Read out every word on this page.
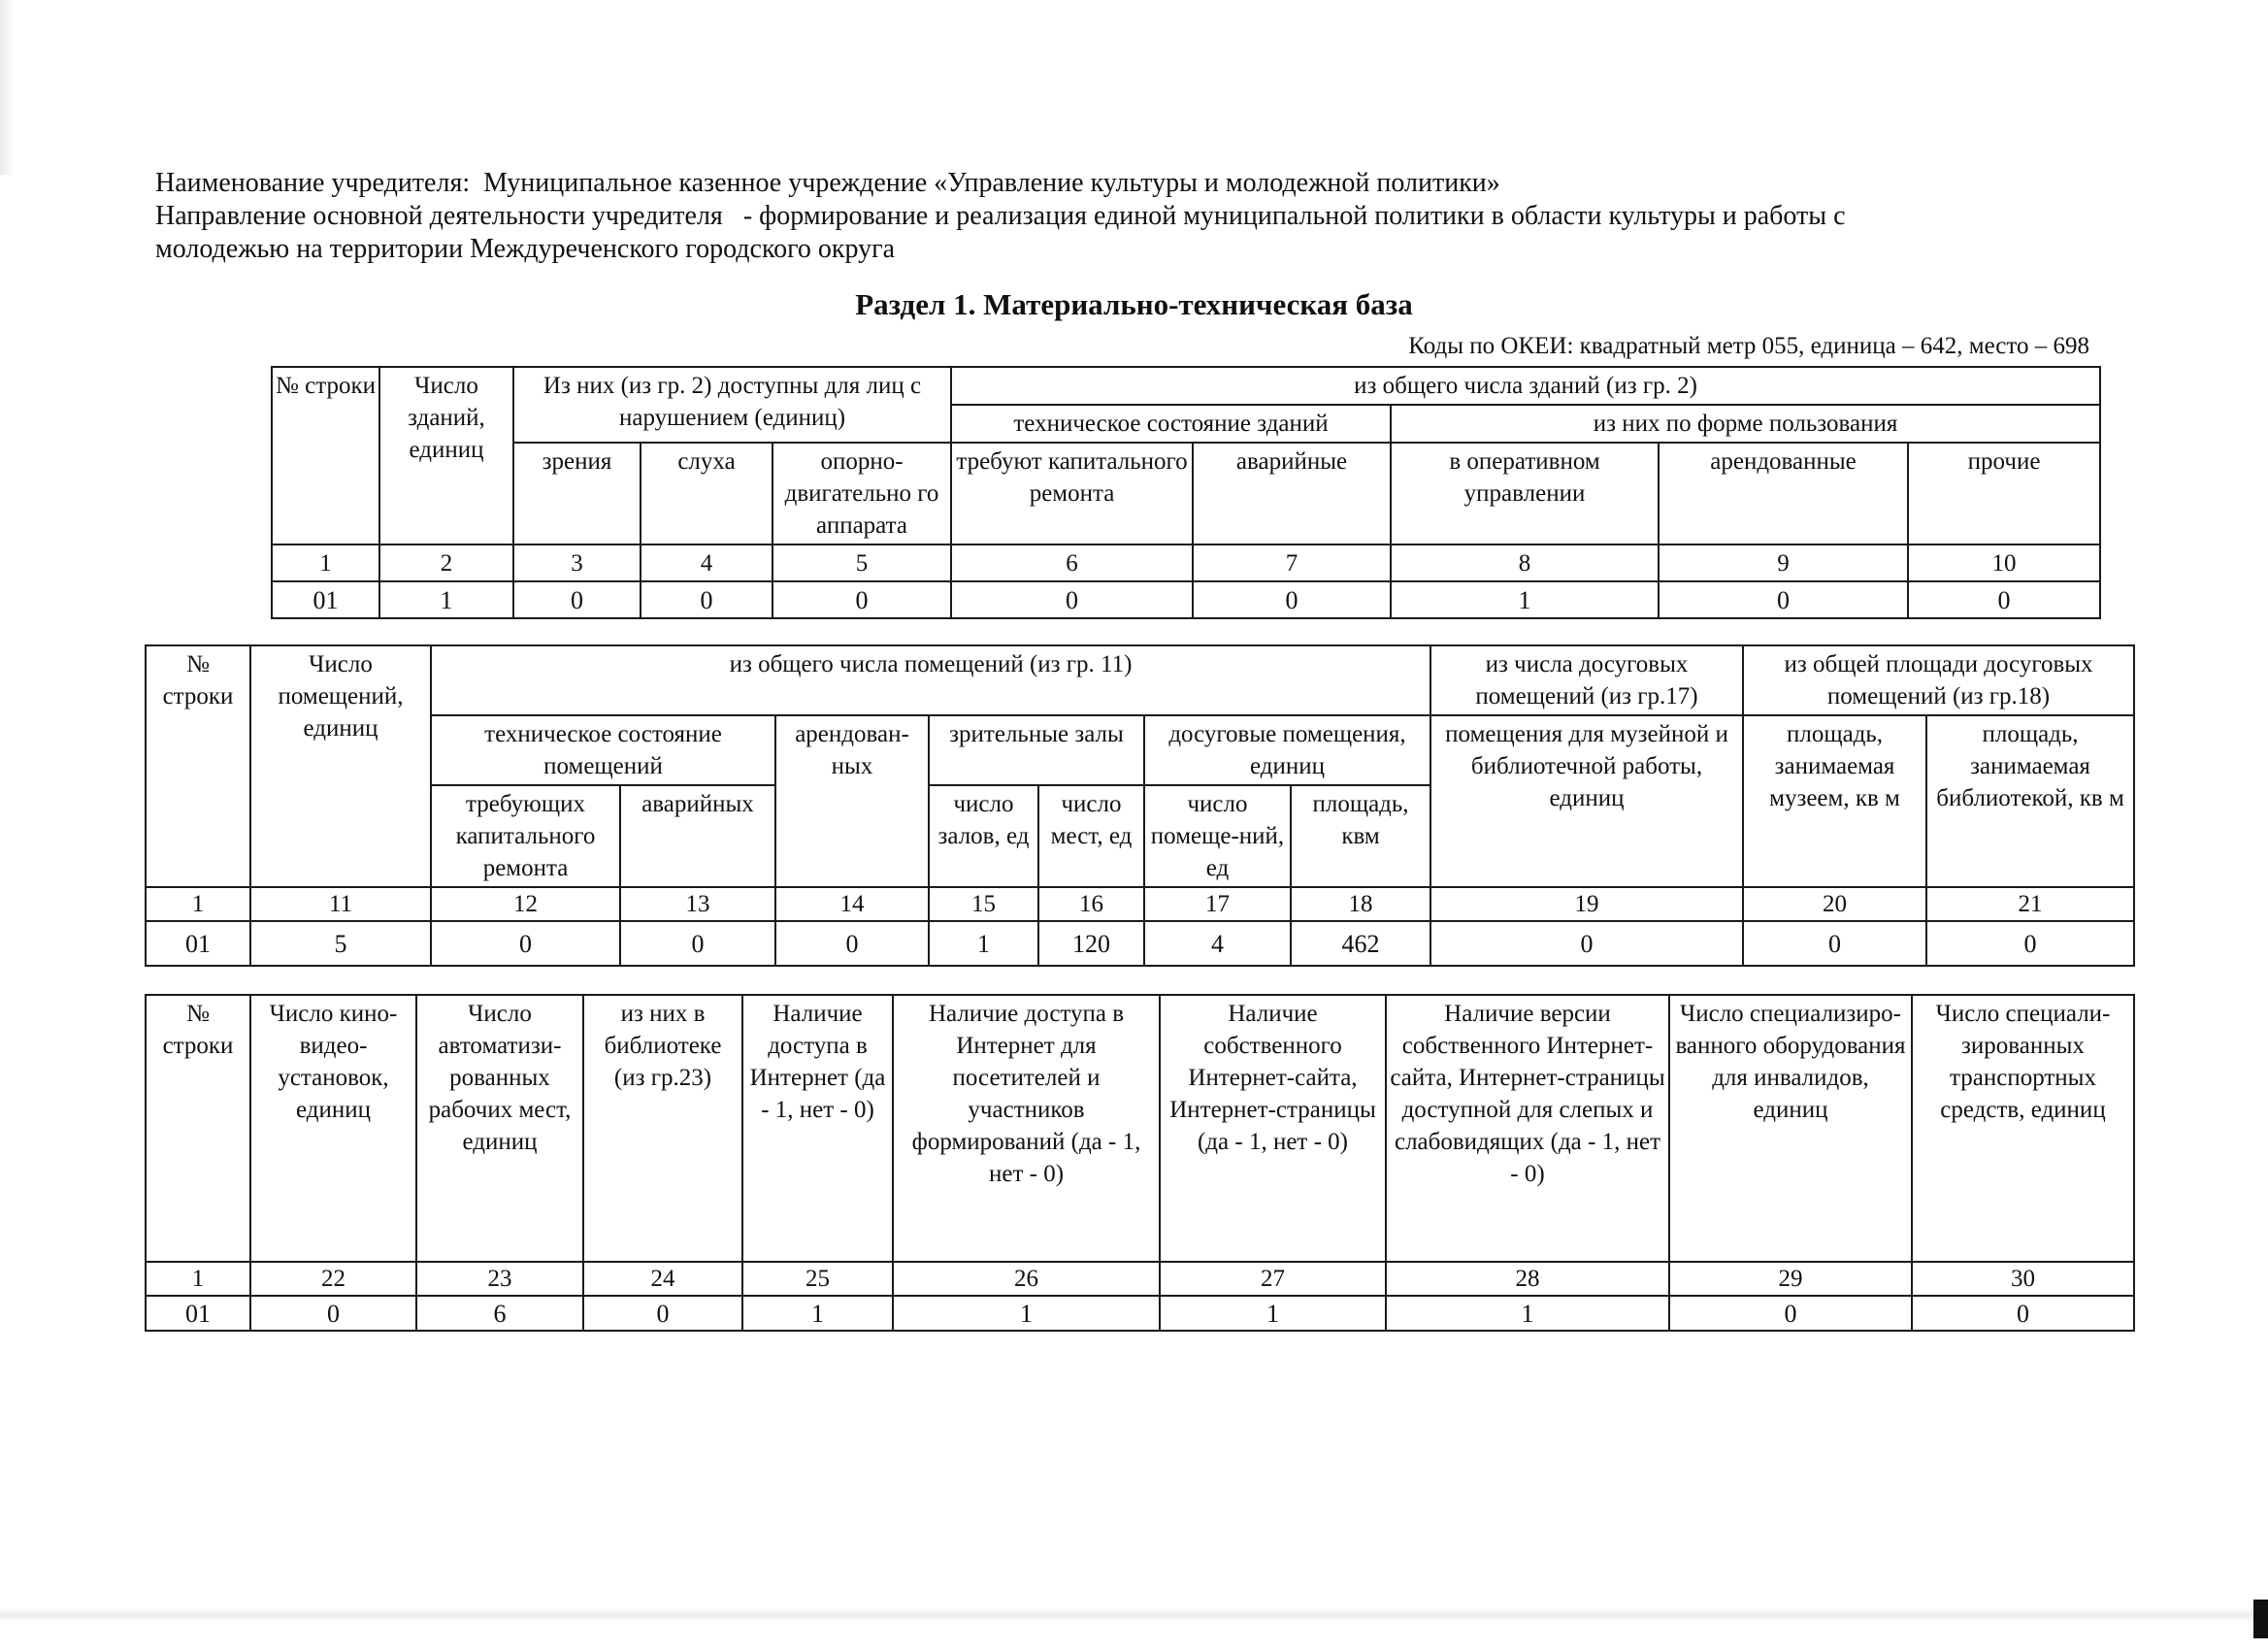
Наименование учредителя:  Муниципальное казенное учреждение «Управление культуры и молодежной политики»
Направление основной деятельности учредителя   - формирование и реализация единой муниципальной политики в области культуры и работы с
молодежью на территории Междуреченского городского округа
Раздел 1. Материально-техническая база
Коды по ОКЕИ: квадратный метр 055, единица – 642, место – 698
№ строки	Число зданий, единиц	Из них (из гр. 2) доступны для лиц с нарушением (единиц)			из общего числа зданий (из гр. 2)				
					техническое состояние зданий		из них по форме пользования		
		зрения	слуха	опорно-двигательно го аппарата	требуют капитального ремонта	аварийные	в оперативном управлении	арендованные	прочие
1	2	3	4	5	6	7	8	9	10
01	1	0	0	0	0	0	1	0	0
№ строки	Число помещений, единиц	из общего числа помещений (из гр. 11)							из числа досуговых помещений (из гр.17)	из общей площади досуговых помещений (из гр.18)	
		техническое состояние помещений		арендован-ных	зрительные залы		досуговые помещения, единиц		помещения для музейной и библиотечной работы, единиц	площадь, занимаемая музеем, кв м	площадь, занимаемая библиотекой, кв м
		требующих капитального ремонта	аварийных		число залов, ед	число мест, ед	число помеще-ний, ед	площадь, квм			
1	11	12	13	14	15	16	17	18	19	20	21
01	5	0	0	0	1	120	4	462	0	0	0
№ строки	Число кино-видео-установок, единиц	Число автоматизи-рованных рабочих мест, единиц	из них в библиотеке (из гр.23)	Наличие доступа в Интернет (да - 1, нет - 0)	Наличие доступа в Интернет для посетителей и участников формирований (да - 1, нет - 0)	Наличие собственного Интернет-сайта, Интернет-страницы (да - 1, нет - 0)	Наличие версии собственного Интернет-сайта, Интернет-страницы доступной для слепых и слабовидящих (да - 1, нет - 0)	Число специализиро-ванного оборудования для инвалидов, единиц	Число специали-зированных транспортных средств, единиц
1	22	23	24	25	26	27	28	29	30
01	0	6	0	1	1	1	1	0	0
